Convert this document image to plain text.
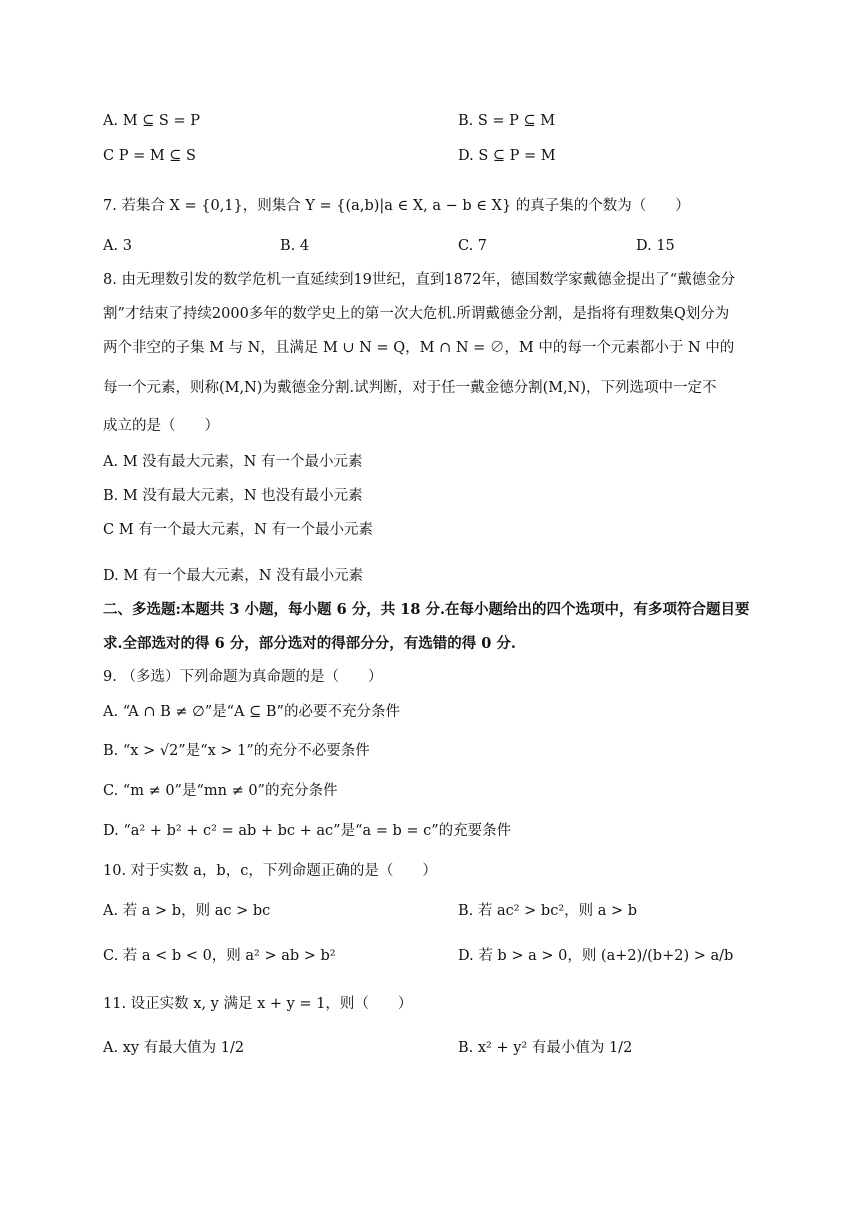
A. M ⊆ S = P	B. S = P ⊆ M
C P = M ⊆ S	D. S ⊆ P = M
7. 若集合 X = {0,1}，则集合 Y = {(a,b)|a ∈ X, a − b ∈ X} 的真子集的个数为（　　）
A. 3	B. 4	C. 7	D. 15
8. 由无理数引发的数学危机一直延续到19世纪，直到1872年，德国数学家戴德金提出了“戴德金分
割”才结束了持续2000多年的数学史上的第一次大危机.所谓戴德金分割，是指将有理数集Q划分为
两个非空的子集 M 与 N，且满足 M ∪ N = Q，M ∩ N = ∅，M 中的每一个元素都小于 N 中的
每一个元素，则称(M,N)为戴德金分割.试判断，对于任一戴金德分割(M,N)，下列选项中一定不
成立的是（　　）
A. M 没有最大元素，N 有一个最小元素
B. M 没有最大元素，N 也没有最小元素
C M 有一个最大元素，N 有一个最小元素
D. M 有一个最大元素，N 没有最小元素
二、多选题:本题共 3 小题，每小题 6 分，共 18 分.在每小题给出的四个选项中，有多项符合题目要
求.全部选对的得 6 分，部分选对的得部分分，有选错的得 0 分.
9. （多选）下列命题为真命题的是（　　）
A. “A ∩ B ≠ ∅”是“A ⊆ B”的必要不充分条件
B. “x > √2”是“x > 1”的充分不必要条件
C. “m ≠ 0”是“mn ≠ 0”的充分条件
D. “a² + b² + c² = ab + bc + ac”是“a = b = c”的充要条件
10. 对于实数 a，b，c，下列命题正确的是（　　）
A. 若 a > b，则 ac > bc	B. 若 ac² > bc²，则 a > b
C. 若 a < b < 0，则 a² > ab > b²	D. 若 b > a > 0，则 (a+2)/(b+2) > a/b
11. 设正实数 x, y 满足 x + y = 1，则（　　）
A. xy 有最大值为 1/2	B. x² + y² 有最小值为 1/2
